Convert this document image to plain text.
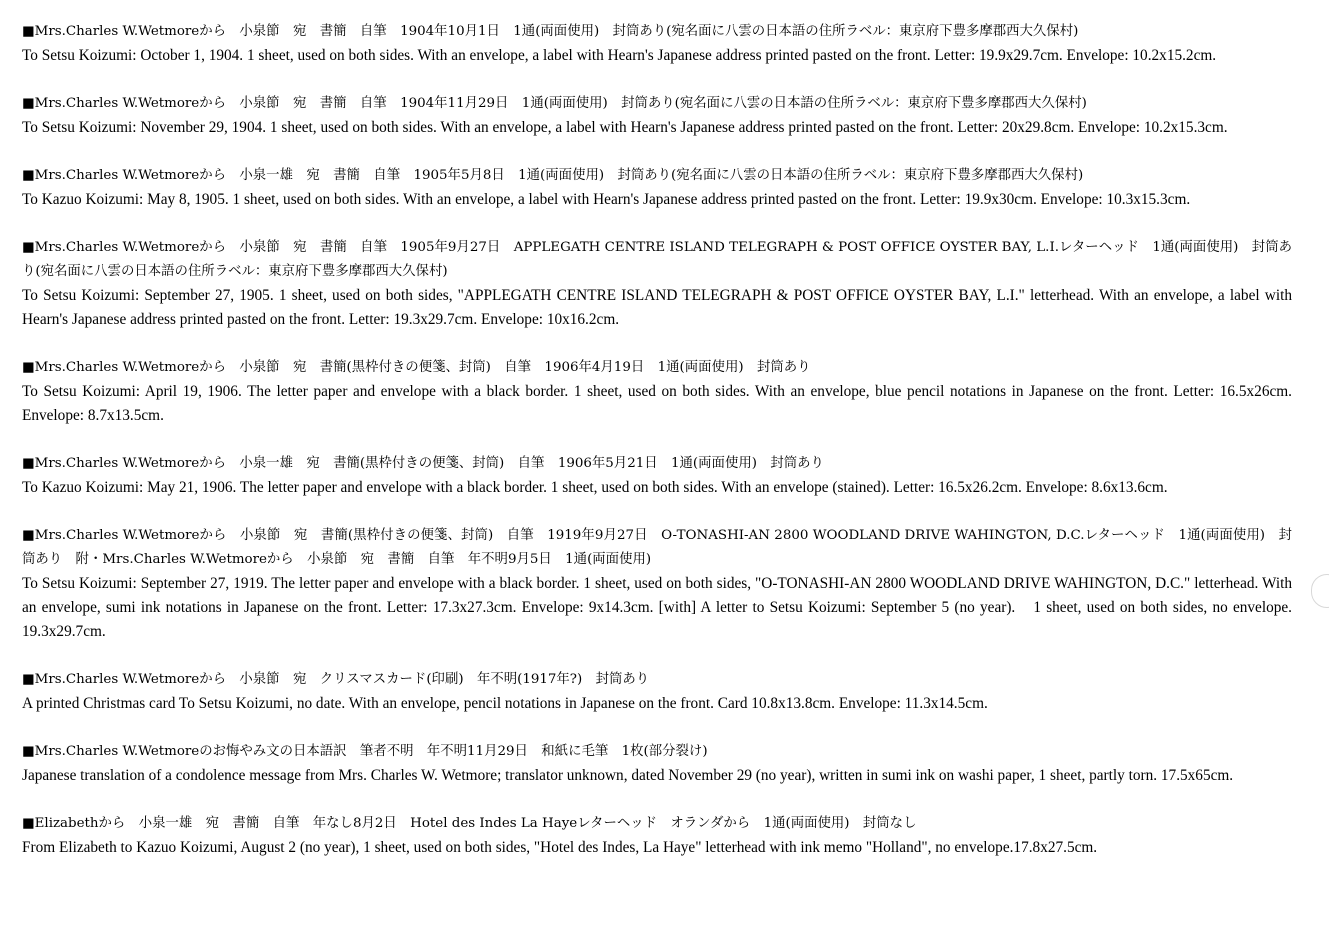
■Mrs.Charles W.Wetmoreから　小泉節　宛　書簡　自筆　1904年10月1日　1通(両面使用)　封筒あり(宛名面に八雲の日本語の住所ラベル：東京府下豊多摩郡西大久保村)

To Setsu Koizumi: October 1, 1904. 1 sheet, used on both sides. With an envelope, a label with Hearn's Japanese address printed pasted on the front. Letter: 19.9x29.7cm. Envelope: 10.2x15.2cm.

■Mrs.Charles W.Wetmoreから　小泉節　宛　書簡　自筆　1904年11月29日　1通(両面使用)　封筒あり(宛名面に八雲の日本語の住所ラベル：東京府下豊多摩郡西大久保村)

To Setsu Koizumi: November 29, 1904. 1 sheet, used on both sides. With an envelope, a label with Hearn's Japanese address printed pasted on the front. Letter: 20x29.8cm. Envelope: 10.2x15.3cm.

■Mrs.Charles W.Wetmoreから　小泉一雄　宛　書簡　自筆　1905年5月8日　1通(両面使用)　封筒あり(宛名面に八雲の日本語の住所ラベル：東京府下豊多摩郡西大久保村)

To Kazuo Koizumi: May 8, 1905. 1 sheet, used on both sides. With an envelope, a label with Hearn's Japanese address printed pasted on the front. Letter: 19.9x30cm. Envelope: 10.3x15.3cm.

■Mrs.Charles W.Wetmoreから　小泉節　宛　書簡　自筆　1905年9月27日　APPLEGATH CENTRE ISLAND TELEGRAPH & POST OFFICE OYSTER BAY, L.I.レターヘッド　1通(両面使用)　封筒あり(宛名面に八雲の日本語の住所ラベル：東京府下豊多摩郡西大久保村)

To Setsu Koizumi: September 27, 1905. 1 sheet, used on both sides, "APPLEGATH CENTRE ISLAND TELEGRAPH & POST OFFICE OYSTER BAY, L.I." letterhead. With an envelope, a label with Hearn's Japanese address printed pasted on the front. Letter: 19.3x29.7cm. Envelope: 10x16.2cm.

■Mrs.Charles W.Wetmoreから　小泉節　宛　書簡(黒枠付きの便箋、封筒)　自筆　1906年4月19日　1通(両面使用)　封筒あり

To Setsu Koizumi: April 19, 1906. The letter paper and envelope with a black border. 1 sheet, used on both sides. With an envelope, blue pencil notations in Japanese on the front. Letter: 16.5x26cm. Envelope: 8.7x13.5cm.

■Mrs.Charles W.Wetmoreから　小泉一雄　宛　書簡(黒枠付きの便箋、封筒)　自筆　1906年5月21日　1通(両面使用)　封筒あり

To Kazuo Koizumi: May 21, 1906. The letter paper and envelope with a black border. 1 sheet, used on both sides. With an envelope (stained). Letter: 16.5x26.2cm. Envelope: 8.6x13.6cm.

■Mrs.Charles W.Wetmoreから　小泉節　宛　書簡(黒枠付きの便箋、封筒)　自筆　1919年9月27日　O-TONASHI-AN 2800 WOODLAND DRIVE WAHINGTON, D.C.レターヘッド　1通(両面使用)　封筒あり　附・Mrs.Charles W.Wetmoreから　小泉節　宛　書簡　自筆　年不明9月5日　1通(両面使用)

To Setsu Koizumi: September 27, 1919. The letter paper and envelope with a black border. 1 sheet, used on both sides, "O-TONASHI-AN 2800 WOODLAND DRIVE WAHINGTON, D.C." letterhead. With an envelope, sumi ink notations in Japanese on the front. Letter: 17.3x27.3cm. Envelope: 9x14.3cm. [with] A letter to Setsu Koizumi: September 5 (no year).　1 sheet, used on both sides, no envelope. 19.3x29.7cm.

■Mrs.Charles W.Wetmoreから　小泉節　宛　クリスマスカード(印刷)　年不明(1917年?)　封筒あり

A printed Christmas card To Setsu Koizumi, no date. With an envelope, pencil notations in Japanese on the front. Card 10.8x13.8cm. Envelope: 11.3x14.5cm.

■Mrs.Charles W.Wetmoreのお悔やみ文の日本語訳　筆者不明　年不明11月29日　和紙に毛筆　1枚(部分裂け)

Japanese translation of a condolence message from Mrs. Charles W. Wetmore; translator unknown, dated November 29 (no year), written in sumi ink on washi paper, 1 sheet, partly torn. 17.5x65cm.

■Elizabethから　小泉一雄　宛　書簡　自筆　年なし8月2日　Hotel des Indes La Hayeレターヘッド　オランダから　1通(両面使用)　封筒なし

From Elizabeth to Kazuo Koizumi, August 2 (no year), 1 sheet, used on both sides, "Hotel des Indes, La Haye" letterhead with ink memo "Holland", no envelope.17.8x27.5cm.
